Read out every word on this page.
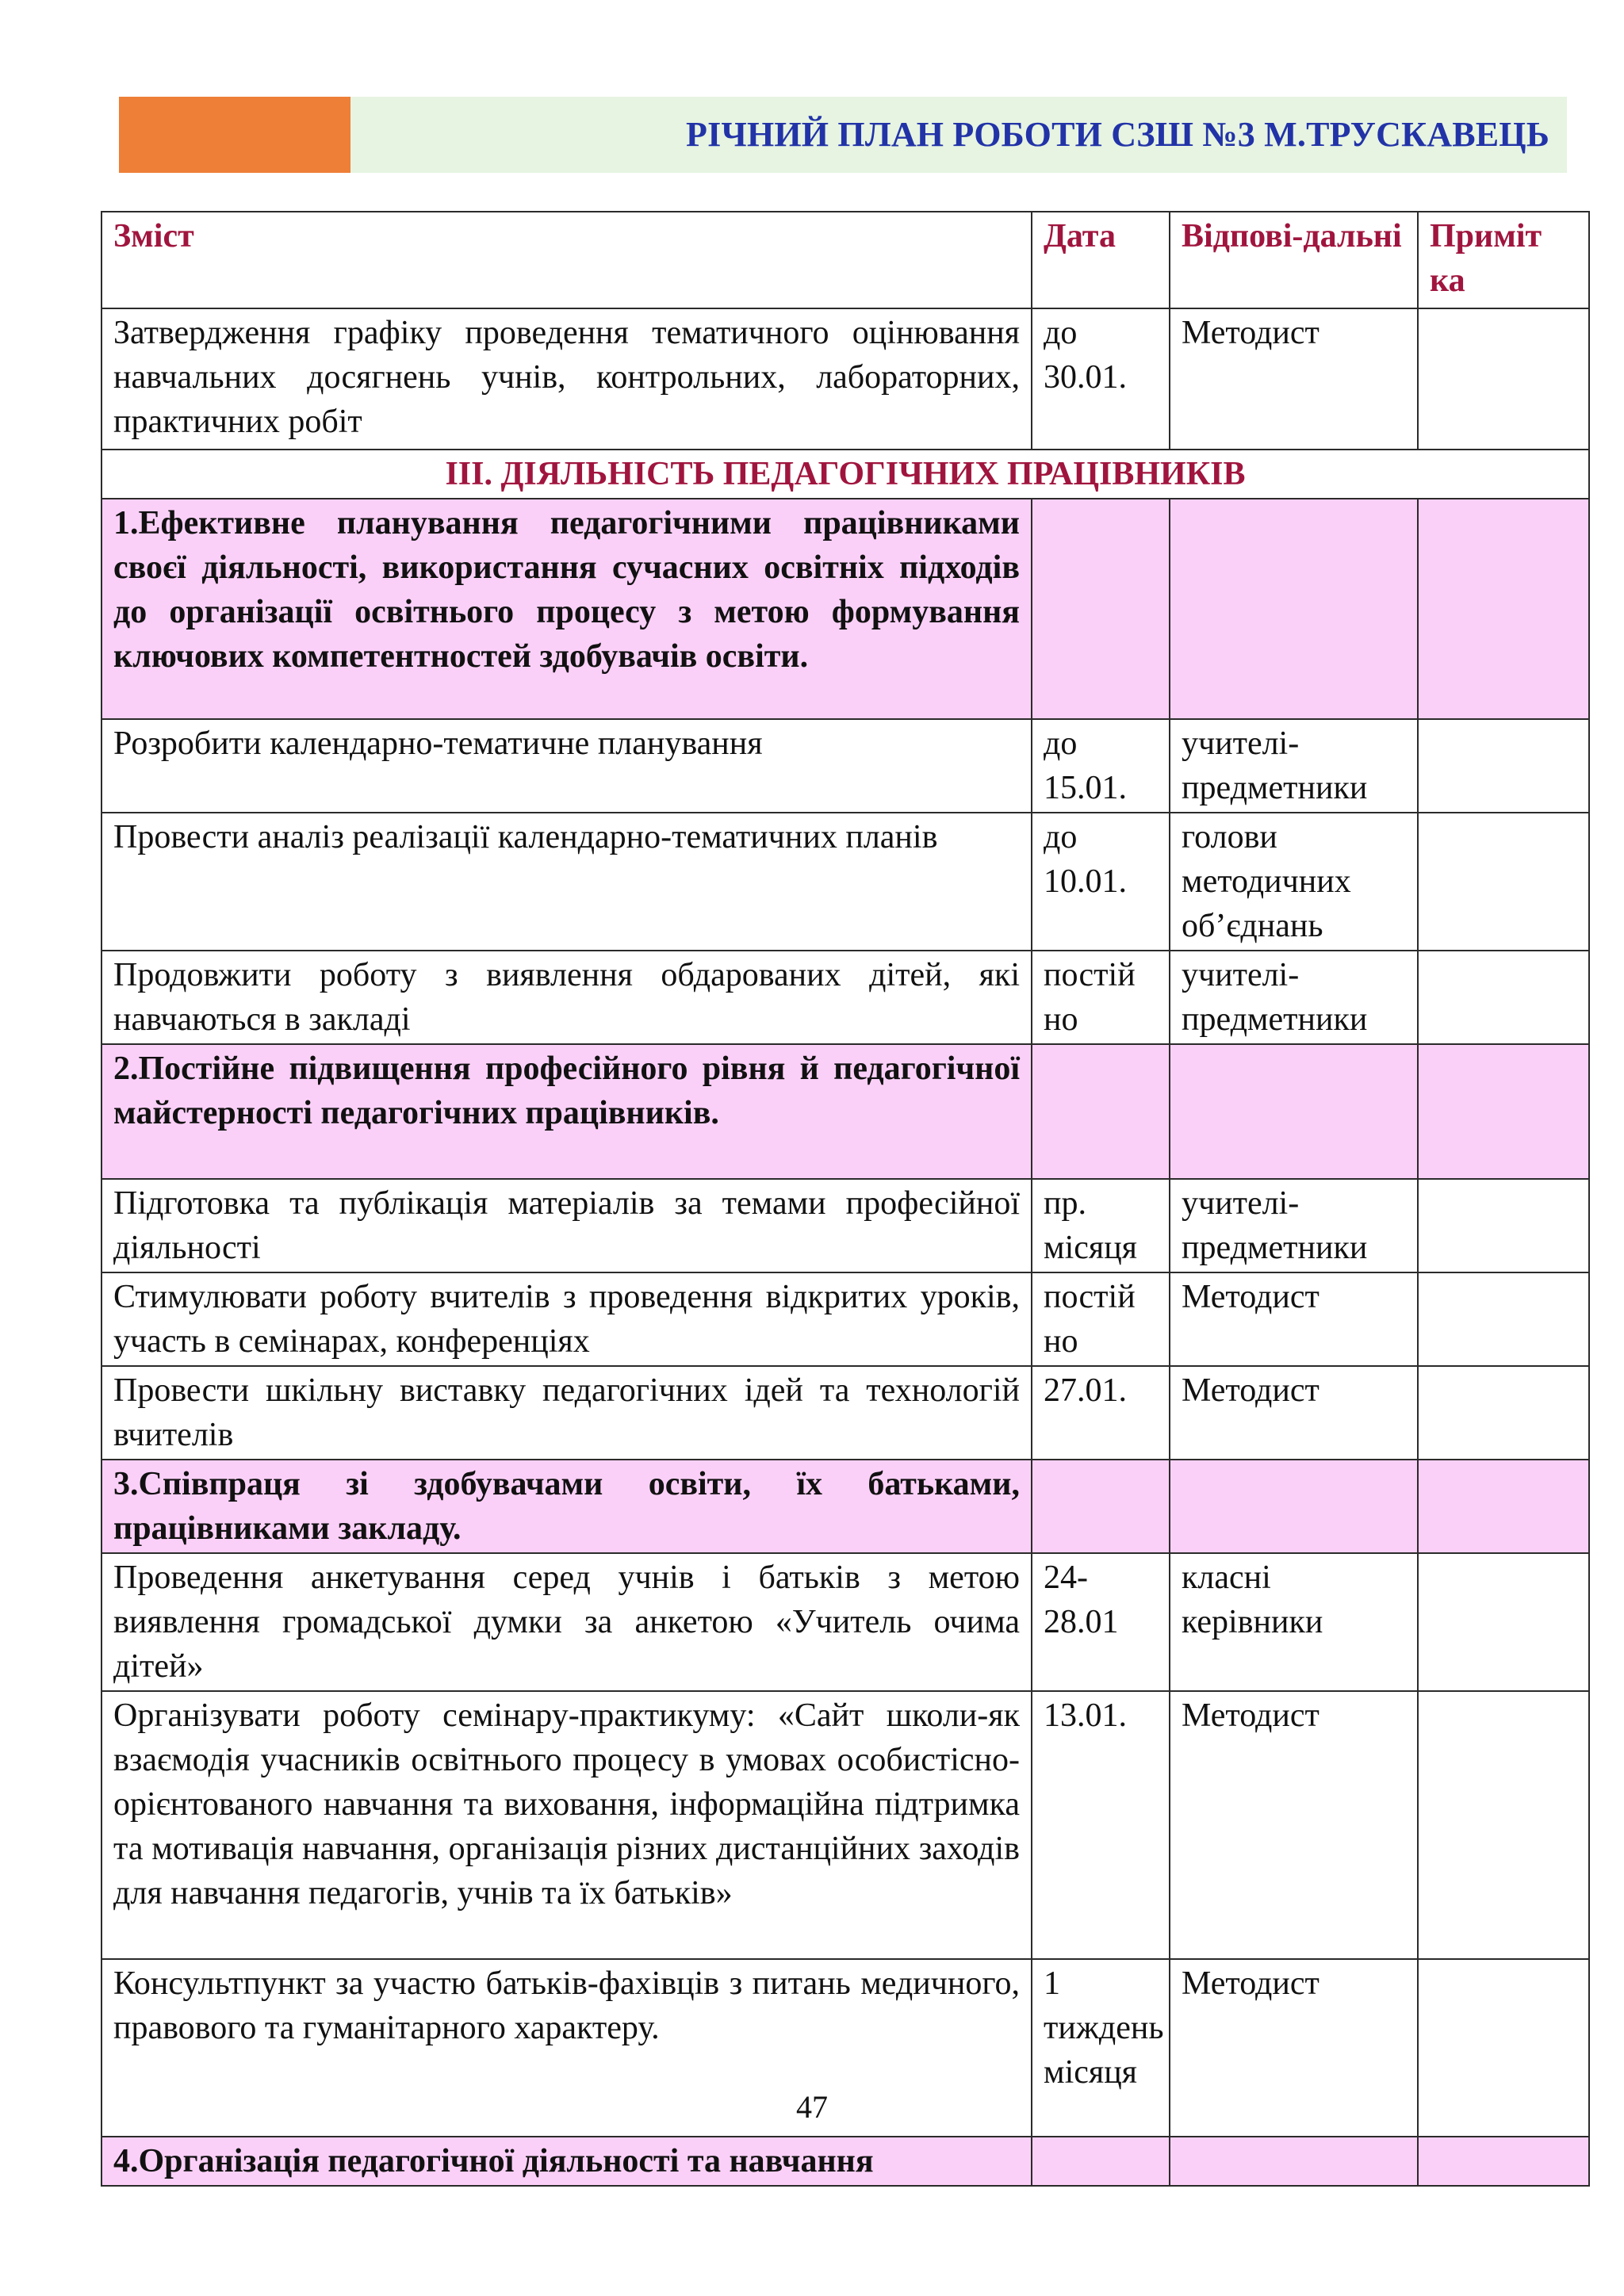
РІЧНИЙ ПЛАН РОБОТИ СЗШ №3 М.ТРУСКАВЕЦЬ
Зміст	Дата	Відпові-дальні	Приміт ка
Затвердження графіку проведення тематичного оцінювання навчальних досягнень учнів, контрольних, лабораторних, практичних робіт	до 30.01.	Методист	
ІІІ. ДІЯЛЬНІСТЬ ПЕДАГОГІЧНИХ ПРАЦІВНИКІВ			
1.Ефективне планування педагогічними працівниками своєї діяльності, використання сучасних освітніх підходів до організації освітнього процесу з метою формування ключових компетентностей здобувачів освіти.			
Розробити календарно-тематичне планування	до 15.01.	учителі-предметники	
Провести аналіз реалізації календарно-тематичних планів	до 10.01.	голови методичних об’єднань	
Продовжити роботу з виявлення обдарованих дітей, які навчаються в закладі	постій но	учителі-предметники	
2.Постійне підвищення професійного рівня й педагогічної майстерності педагогічних працівників.			
Підготовка та публікація матеріалів за темами професійної діяльності	пр. місяця	учителі-предметники	
Стимулювати роботу вчителів з проведення відкритих уроків, участь в семінарах, конференціях	постій но	Методист	
Провести шкільну виставку педагогічних ідей та технологій вчителів	27.01.	Методист	
3.Співпраця зі здобувачами освіти, їх батьками, працівниками закладу.			
Проведення анкетування серед учнів і батьків з метою виявлення громадської думки за анкетою «Учитель очима дітей»	24-28.01	класні керівники	
Організувати роботу семінару-практикуму: «Сайт школи-як взаємодія учасників освітнього процесу в умовах особистісно-орієнтованого навчання та виховання, інформаційна підтримка та мотивація навчання, організація різних дистанційних заходів для навчання педагогів, учнів та їх батьків»	13.01.	Методист	
Консультпункт за участю батьків-фахівців з питань медичного, правового та гуманітарного характеру.	1 тиждень місяця	Методист	
4.Організація педагогічної діяльності та навчання			
47
